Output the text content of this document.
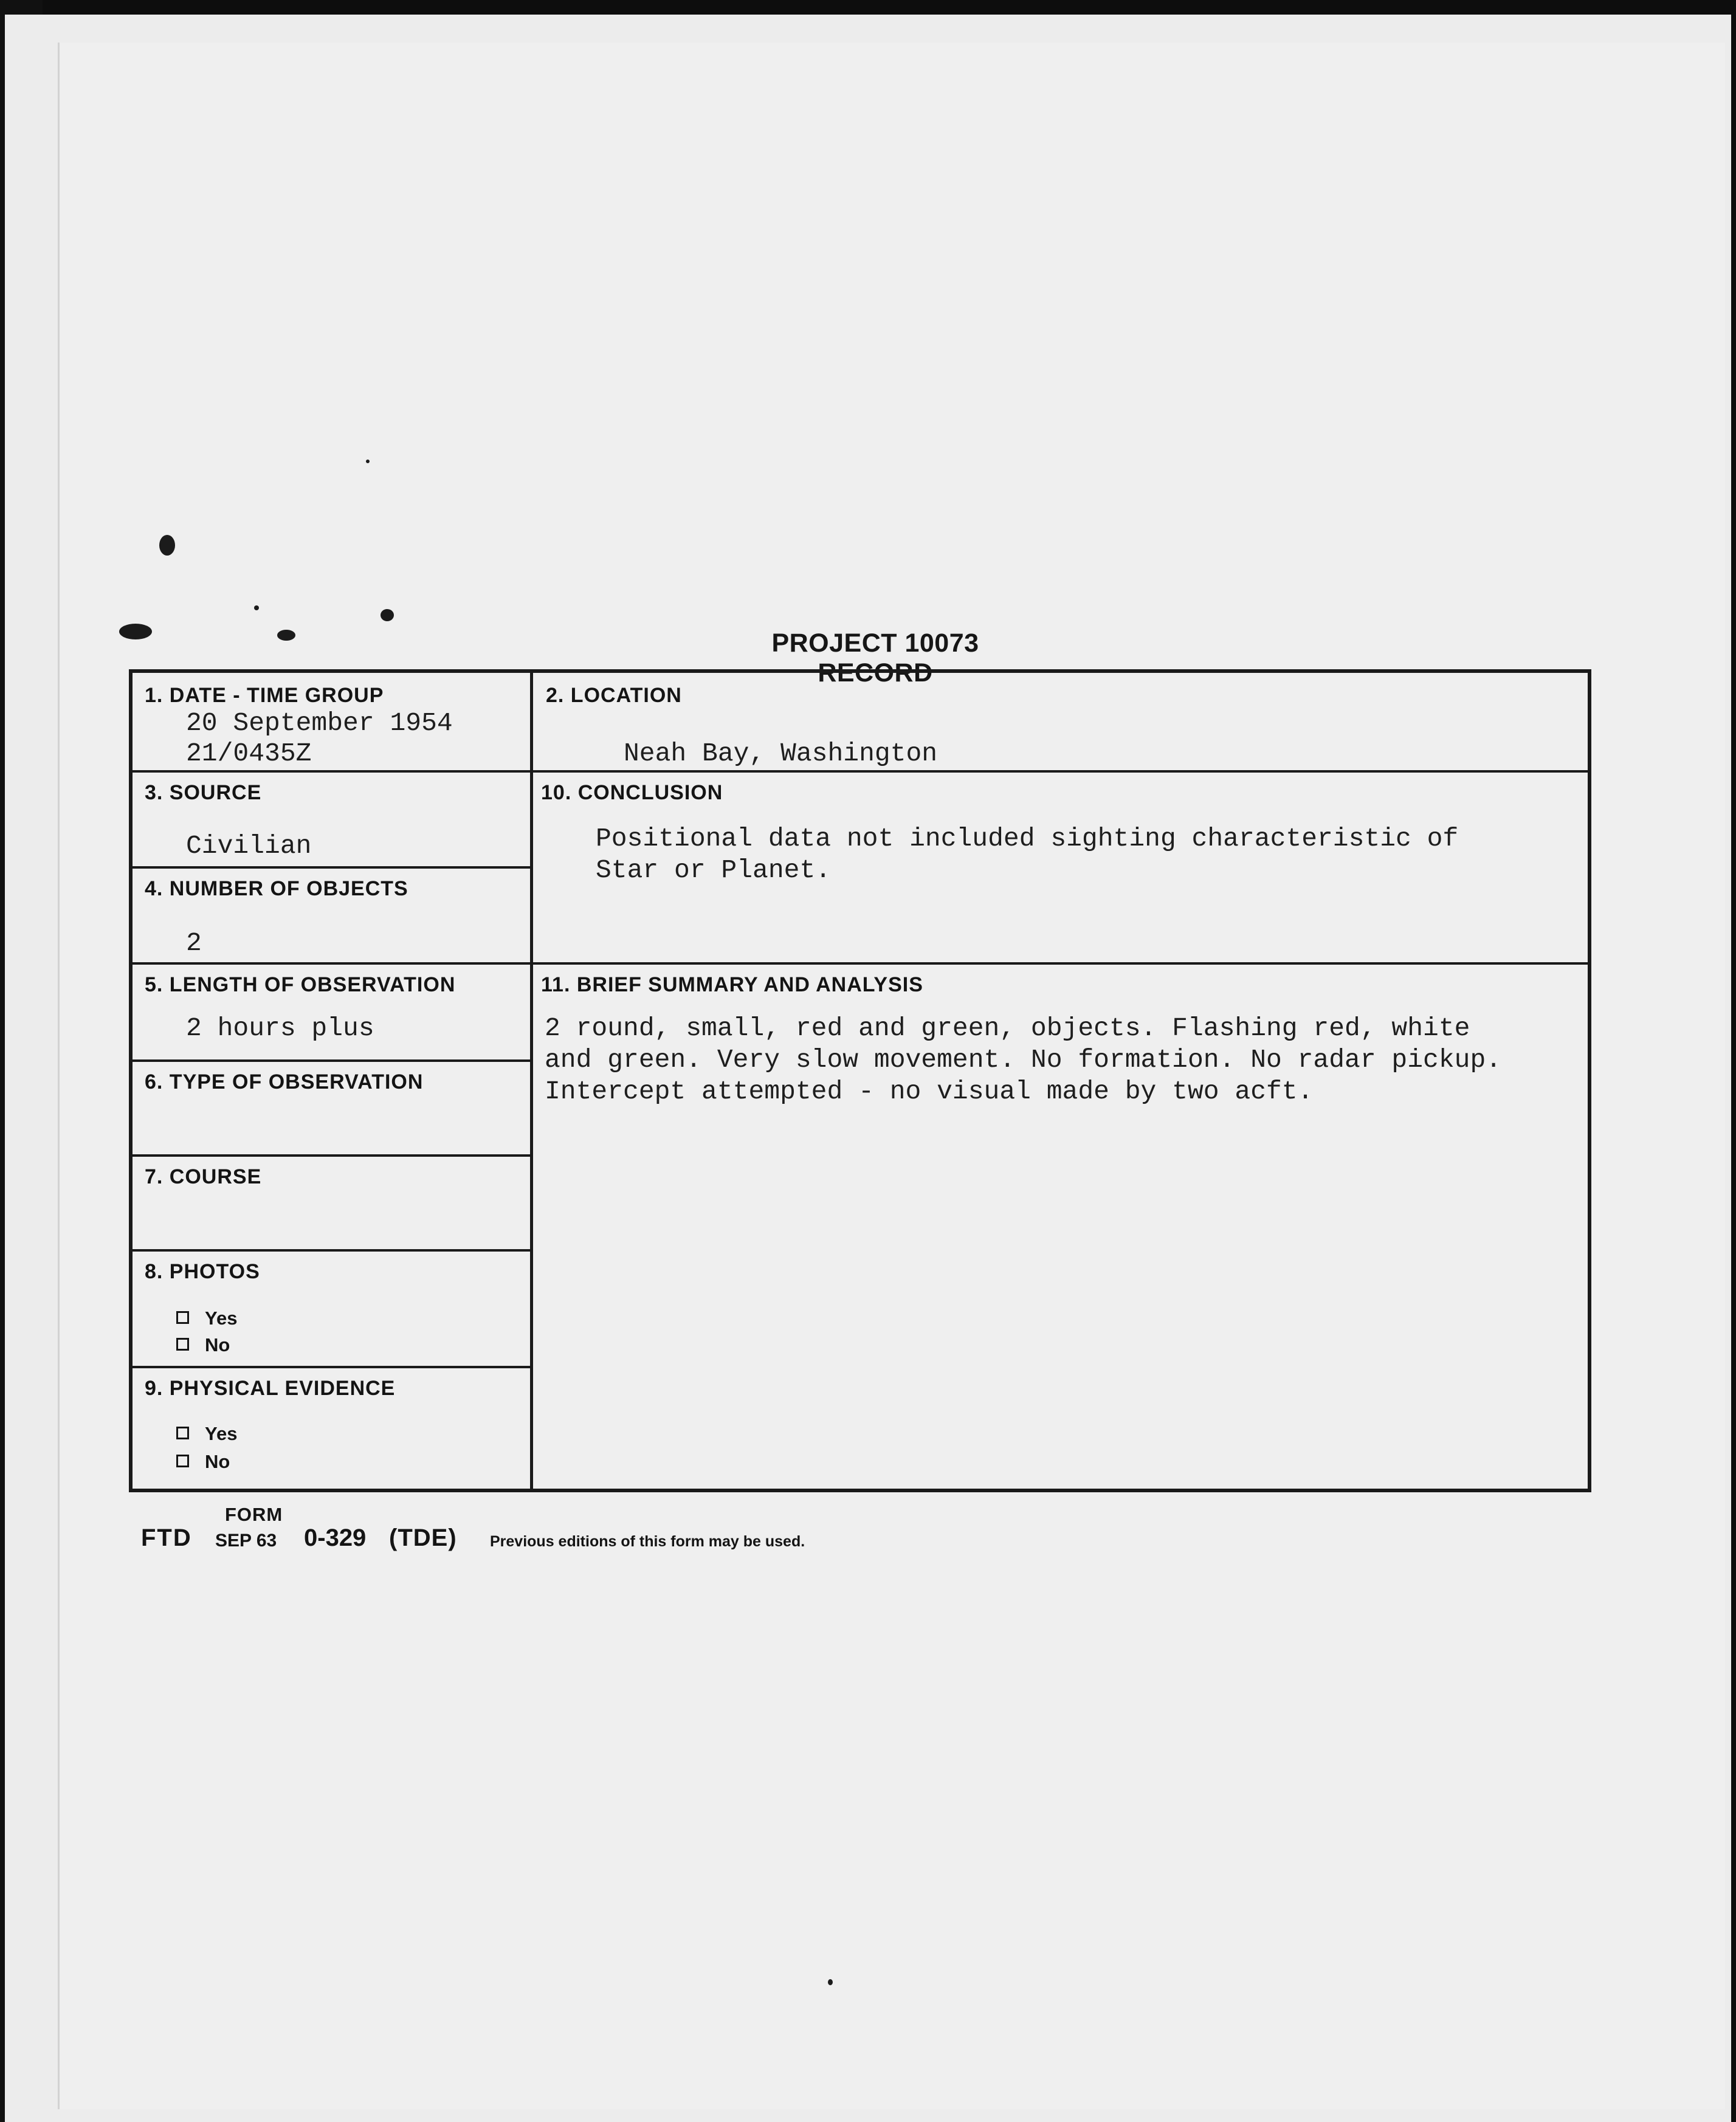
PROJECT 10073 RECORD
1. DATE - TIME GROUP
20 September 1954
21/0435Z
2. LOCATION
Neah Bay, Washington
3. SOURCE
Civilian
4. NUMBER OF OBJECTS
2
5. LENGTH OF OBSERVATION
2 hours plus
6. TYPE OF OBSERVATION
7. COURSE
8. PHOTOS
Yes
No
9. PHYSICAL EVIDENCE
Yes
No
10. CONCLUSION
Positional data not included sighting characteristic of
Star or Planet.
11. BRIEF SUMMARY AND ANALYSIS
2 round, small, red and green, objects. Flashing red, white
and green. Very slow movement. No formation. No radar pickup.
Intercept attempted - no visual made by two acft.
FORM
FTD SEP 63 0-329 (TDE) Previous editions of this form may be used.
